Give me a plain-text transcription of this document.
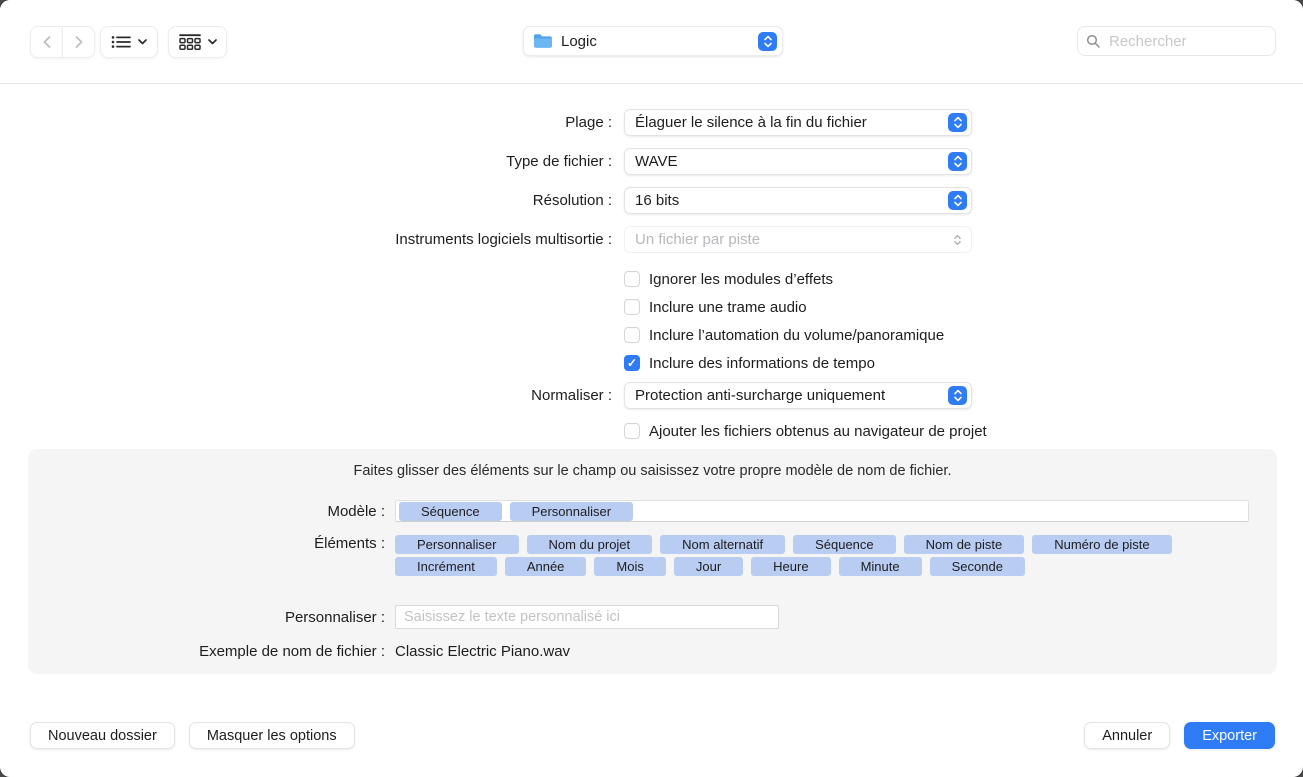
Logic
Rechercher
Plage : Élaguer le silence à la fin du fichier
Type de fichier : WAVE
Résolution : 16 bits
Instruments logiciels multisortie : Un fichier par piste
Ignorer les modules d’effets
Inclure une trame audio
Inclure l’automation du volume/panoramique
✓ Inclure des informations de tempo
Normaliser : Protection anti-surcharge uniquement
Ajouter les fichiers obtenus au navigateur de projet
Faites glisser des éléments sur le champ ou saisissez votre propre modèle de nom de fichier.
Modèle :	Séquence	Personnaliser
Éléments :	Personnaliser	Nom du projet	Nom alternatif	Séquence	Nom de piste	Numéro de piste
Incrément	Année	Mois	Jour	Heure	Minute	Seconde
Personnaliser :
Saisissez le texte personnalisé ici
Exemple de nom de fichier : Classic Electric Piano.wav
Nouveau dossier	Masquer les options	Annuler	Exporter
